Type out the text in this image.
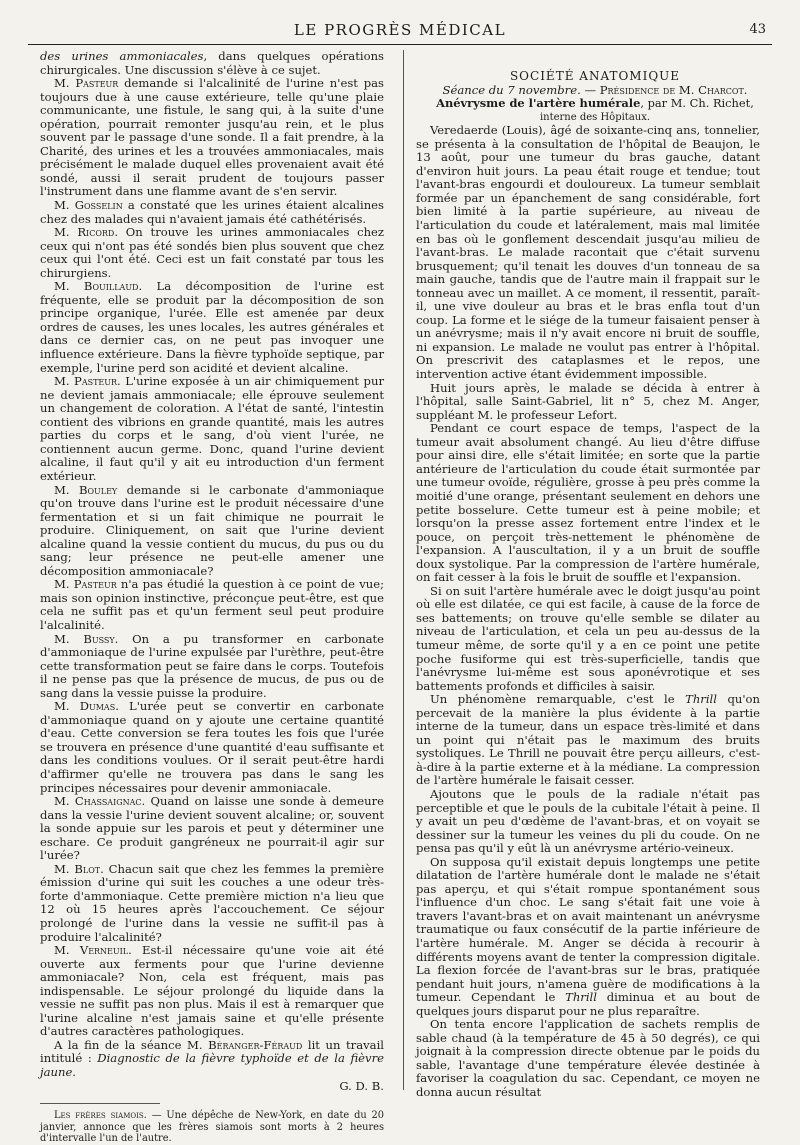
LE PROGRÈS MÉDICAL	43

des urines ammoniacales, dans quelques opérations chirurgicales. Une discussion s'élève à ce sujet.

M. Pasteur demande si l'alcalinité de l'urine n'est pas toujours due à une cause extérieure, telle qu'une plaie communicante, une fistule, le sang qui, à la suite d'une opération, pourrait remonter jusqu'au rein, et le plus souvent par le passage d'une sonde. Il a fait prendre, à la Charité, des urines et les a trouvées ammoniacales, mais précisément le malade duquel elles provenaient avait été sondé, aussi il serait prudent de toujours passer l'instrument dans une flamme avant de s'en servir.

M. Gosselin a constaté que les urines étaient alcalines chez des malades qui n'avaient jamais été cathétérisés.

M. Ricord. On trouve les urines ammoniacales chez ceux qui n'ont pas été sondés bien plus souvent que chez ceux qui l'ont été. Ceci est un fait constaté par tous les chirurgiens.

M. Bouillaud. La décomposition de l'urine est fréquente, elle se produit par la décomposition de son principe organique, l'urée. Elle est amenée par deux ordres de causes, les unes locales, les autres générales et dans ce dernier cas, on ne peut pas invoquer une influence extérieure. Dans la fièvre typhoïde septique, par exemple, l'urine perd son acidité et devient alcaline.

M. Pasteur. L'urine exposée à un air chimiquement pur ne devient jamais ammoniacale; elle éprouve seulement un changement de coloration. A l'état de santé, l'intestin contient des vibrions en grande quantité, mais les autres parties du corps et le sang, d'où vient l'urée, ne contiennent aucun germe. Donc, quand l'urine devient alcaline, il faut qu'il y ait eu introduction d'un ferment extérieur.

M. Bouley demande si le carbonate d'ammoniaque qu'on trouve dans l'urine est le produit nécessaire d'une fermentation et si un fait chimique ne pourrait le produire. Cliniquement, on sait que l'urine devient alcaline quand la vessie contient du mucus, du pus ou du sang; leur présence ne peut-elle amener une décomposition ammoniacale?

M. Pasteur n'a pas étudié la question à ce point de vue; mais son opinion instinctive, préconçue peut-être, est que cela ne suffit pas et qu'un ferment seul peut produire l'alcalinité.

M. Bussy. On a pu transformer en carbonate d'ammoniaque de l'urine expulsée par l'urèthre, peut-être cette transformation peut se faire dans le corps. Toutefois il ne pense pas que la présence de mucus, de pus ou de sang dans la vessie puisse la produire.

M. Dumas. L'urée peut se convertir en carbonate d'ammoniaque quand on y ajoute une certaine quantité d'eau. Cette conversion se fera toutes les fois que l'urée se trouvera en présence d'une quantité d'eau suffisante et dans les conditions voulues. Or il serait peut-être hardi d'affirmer qu'elle ne trouvera pas dans le sang les principes nécessaires pour devenir ammoniacale.

M. Chassaignac. Quand on laisse une sonde à demeure dans la vessie l'urine devient souvent alcaline; or, souvent la sonde appuie sur les parois et peut y déterminer une eschare. Ce produit gangréneux ne pourrait-il agir sur l'urée?

M. Blot. Chacun sait que chez les femmes la première émission d'urine qui suit les couches a une odeur très-forte d'ammoniaque. Cette première miction n'a lieu que 12 où 15 heures après l'accouchement. Ce séjour prolongé de l'urine dans la vessie ne suffit-il pas à produire l'alcalinité?

M. Verneuil. Est-il nécessaire qu'une voie ait été ouverte aux ferments pour que l'urine devienne ammoniacale? Non, cela est fréquent, mais pas indispensable. Le séjour prolongé du liquide dans la vessie ne suffit pas non plus. Mais il est à remarquer que l'urine alcaline n'est jamais saine et qu'elle présente d'autres caractères pathologiques.

A la fin de la séance M. Béranger-Féraud lit un travail intitulé : Diagnostic de la fièvre typhoïde et de la fièvre jaune.

G. D. B.

Les frères siamois. — Une dépêche de New-York, en date du 20 janvier, annonce que les frères siamois sont morts à 2 heures d'intervalle l'un de l'autre.

SOCIÉTÉ ANATOMIQUE

Séance du 7 novembre. — Présidence de M. Charcot.

Anévrysme de l'artère humérale, par M. Ch. Richet,

interne des Hôpitaux.

Veredaerde (Louis), âgé de soixante-cinq ans, tonnelier, se présenta à la consultation de l'hôpital de Beaujon, le 13 août, pour une tumeur du bras gauche, datant d'environ huit jours. La peau était rouge et tendue; tout l'avant-bras engourdi et douloureux. La tumeur semblait formée par un épanchement de sang considérable, fort bien limité à la partie supérieure, au niveau de l'articulation du coude et latéralement, mais mal limitée en bas où le gonflement descendait jusqu'au milieu de l'avant-bras. Le malade racontait que c'était survenu brusquement; qu'il tenait les douves d'un tonneau de sa main gauche, tandis que de l'autre main il frappait sur le tonneau avec un maillet. A ce moment, il ressentit, paraît-il, une vive douleur au bras et le bras enfla tout d'un coup. La forme et le siége de la tumeur faisaient penser à un anévrysme; mais il n'y avait encore ni bruit de souffle, ni expansion. Le malade ne voulut pas entrer à l'hôpital. On prescrivit des cataplasmes et le repos, une intervention active étant évidemment impossible.

Huit jours après, le malade se décida à entrer à l'hôpital, salle Saint-Gabriel, lit n° 5, chez M. Anger, suppléant M. le professeur Lefort.

Pendant ce court espace de temps, l'aspect de la tumeur avait absolument changé. Au lieu d'être diffuse pour ainsi dire, elle s'était limitée; en sorte que la partie antérieure de l'articulation du coude était surmontée par une tumeur ovoïde, régulière, grosse à peu près comme la moitié d'une orange, présentant seulement en dehors une petite bosselure. Cette tumeur est à peine mobile; et lorsqu'on la presse assez fortement entre l'index et le pouce, on perçoit très-nettement le phénomène de l'expansion. A l'auscultation, il y a un bruit de souffle doux systolique. Par la compression de l'artère humérale, on fait cesser à la fois le bruit de souffle et l'expansion.

Si on suit l'artère humérale avec le doigt jusqu'au point où elle est dilatée, ce qui est facile, à cause de la force de ses battements; on trouve qu'elle semble se dilater au niveau de l'articulation, et cela un peu au-dessus de la tumeur même, de sorte qu'il y a en ce point une petite poche fusiforme qui est très-superficielle, tandis que l'anévrysme lui-même est sous aponévrotique et ses battements profonds et difficiles à saisir.

Un phénomène remarquable, c'est le Thrill qu'on percevait de la manière la plus évidente à la partie interne de la tumeur, dans un espace très-limité et dans un point qui n'était pas le maximum des bruits systoliques. Le Thrill ne pouvait être perçu ailleurs, c'est-à-dire à la partie externe et à la médiane. La compression de l'artère humérale le faisait cesser.

Ajoutons que le pouls de la radiale n'était pas perceptible et que le pouls de la cubitale l'était à peine. Il y avait un peu d'œdème de l'avant-bras, et on voyait se dessiner sur la tumeur les veines du pli du coude. On ne pensa pas qu'il y eût là un anévrysme artério-veineux.

On supposa qu'il existait depuis longtemps une petite dilatation de l'artère humérale dont le malade ne s'était pas aperçu, et qui s'était rompue spontanément sous l'influence d'un choc. Le sang s'était fait une voie à travers l'avant-bras et on avait maintenant un anévrysme traumatique ou faux consécutif de la partie inférieure de l'artère humérale. M. Anger se décida à recourir à différents moyens avant de tenter la compression digitale. La flexion forcée de l'avant-bras sur le bras, pratiquée pendant huit jours, n'amena guère de modifications à la tumeur. Cependant le Thrill diminua et au bout de quelques jours disparut pour ne plus reparaître.

On tenta encore l'application de sachets remplis de sable chaud (à la température de 45 à 50 degrés), ce qui joignait à la compression directe obtenue par le poids du sable, l'avantage d'une température élevée destinée à favoriser la coagulation du sac. Cependant, ce moyen ne donna aucun résultat
